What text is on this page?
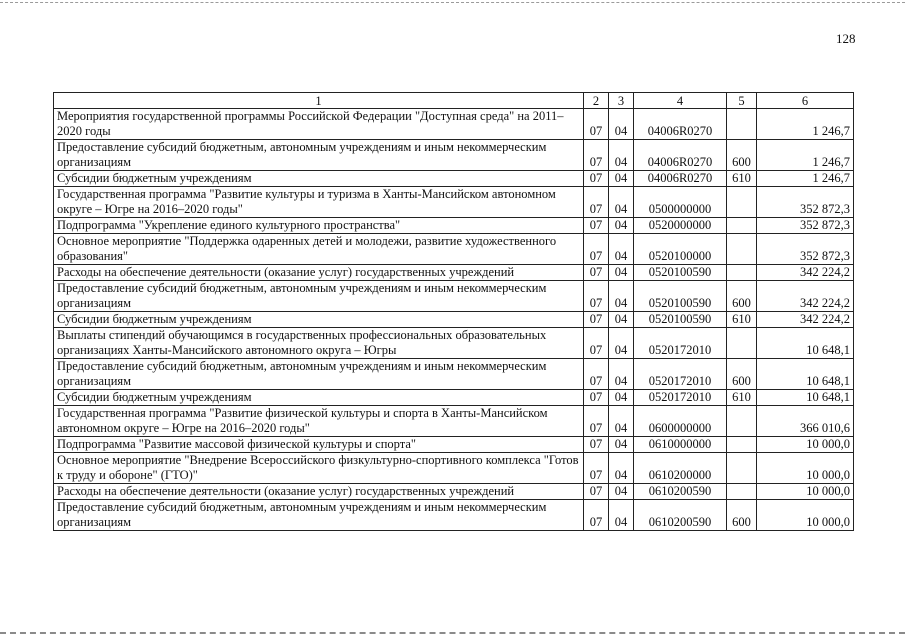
128
1	2	3	4	5	6
Мероприятия государственной программы Российской Федерации "Доступная среда" на 2011–2020 годы	07	04	04006R0270		1 246,7
Предоставление субсидий бюджетным, автономным учреждениям и иным некоммерческим организациям	07	04	04006R0270	600	1 246,7
Субсидии бюджетным учреждениям	07	04	04006R0270	610	1 246,7
Государственная программа "Развитие культуры и туризма в Ханты-Мансийском автономном округе – Югре на 2016–2020 годы"	07	04	0500000000		352 872,3
Подпрограмма "Укрепление единого культурного пространства"	07	04	0520000000		352 872,3
Основное мероприятие "Поддержка одаренных детей и молодежи, развитие художественного образования"	07	04	0520100000		352 872,3
Расходы на обеспечение деятельности (оказание услуг) государственных учреждений	07	04	0520100590		342 224,2
Предоставление субсидий бюджетным, автономным учреждениям и иным некоммерческим организациям	07	04	0520100590	600	342 224,2
Субсидии бюджетным учреждениям	07	04	0520100590	610	342 224,2
Выплаты стипендий обучающимся в государственных профессиональных образовательных организациях Ханты-Мансийского автономного округа – Югры	07	04	0520172010		10 648,1
Предоставление субсидий бюджетным, автономным учреждениям и иным некоммерческим организациям	07	04	0520172010	600	10 648,1
Субсидии бюджетным учреждениям	07	04	0520172010	610	10 648,1
Государственная программа "Развитие физической культуры и спорта в Ханты-Мансийском автономном округе – Югре на 2016–2020 годы"	07	04	0600000000		366 010,6
Подпрограмма "Развитие массовой физической культуры и спорта"	07	04	0610000000		10 000,0
Основное мероприятие "Внедрение Всероссийского физкультурно-спортивного комплекса "Готов к труду и обороне" (ГТО)"	07	04	0610200000		10 000,0
Расходы на обеспечение деятельности (оказание услуг) государственных учреждений	07	04	0610200590		10 000,0
Предоставление субсидий бюджетным, автономным учреждениям и иным некоммерческим организациям	07	04	0610200590	600	10 000,0
